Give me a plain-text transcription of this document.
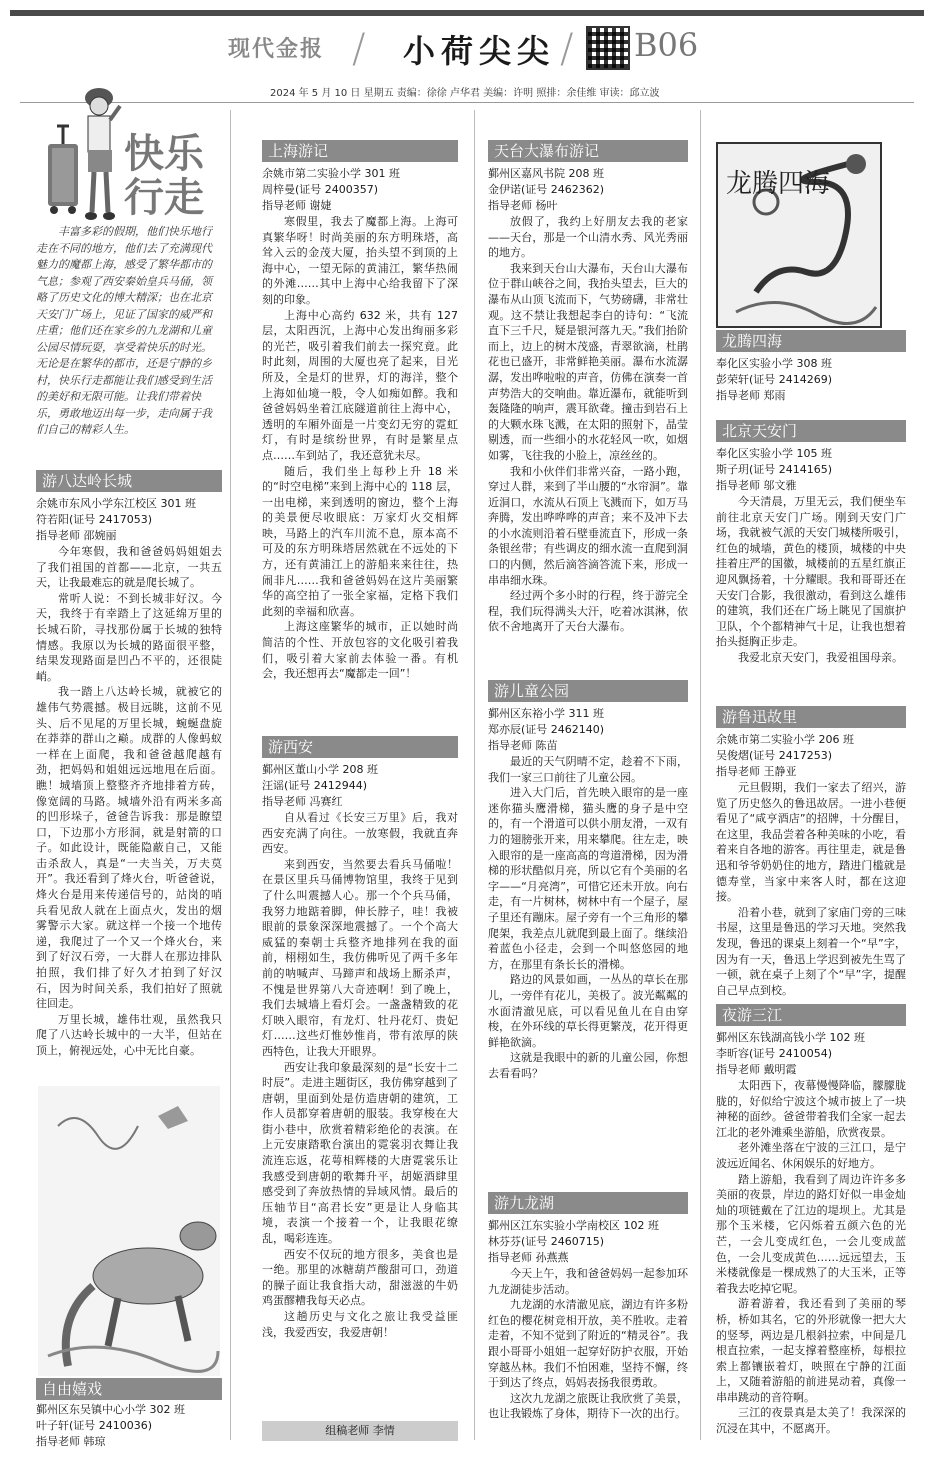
现代金报 / 小荷尖尖 / B06
2024 年 5 月 10 日 星期五 责编：徐徐 卢华君 美编：许明 照排：余佳维 审读：邱立波
快乐行走
丰富多彩的假期，他们快乐地行走在不同的地方，他们去了充满现代魅力的魔都上海，感受了繁华都市的气息；参观了西安秦始皇兵马俑，领略了历史文化的博大精深；也在北京天安门广场上，见证了国家的威严和庄重；他们还在家乡的九龙湖和儿童公园尽情玩耍，享受着快乐的时光。无论是在繁华的都市，还是宁静的乡村，快乐行走都能让我们感受到生活的美好和无限可能。让我们带着快乐，勇敢地迈出每一步，走向属于我们自己的精彩人生。
游八达岭长城
余姚市东风小学东江校区 301 班
符若阳(证号 2417053)
指导老师 邵婉丽

今年寒假，我和爸爸妈妈姐姐去了我们祖国的首都——北京，一共五天，让我最难忘的就是爬长城了。

常听人说：不到长城非好汉。今天，我终于有幸踏上了这延绵万里的长城石阶，寻找那份属于长城的独特情感。我原以为长城的路面很平整，结果发现路面是凹凸不平的，还很陡峭。

我一踏上八达岭长城，就被它的雄伟气势震撼。极目远眺，这前不见头、后不见尾的万里长城，蜿蜒盘旋在莽莽的群山之巅。成群的人像蚂蚁一样在上面爬，我和爸爸越爬越有劲，把妈妈和姐姐远远地甩在后面。瞧！城墙顶上整整齐齐地排着方砖，像宽阔的马路。城墙外沿有两米多高的凹形垛子，爸爸告诉我：那是瞭望口，下边那小方形洞，就是射箭的口子。如此设计，既能隐蔽自己，又能击杀敌人，真是“一夫当关，万夫莫开”。我还看到了烽火台，听爸爸说，烽火台是用来传递信号的，站岗的哨兵看见敌人就在上面点火，发出的烟雾警示大家。就这样一个接一个地传递，我爬过了一个又一个烽火台，来到了好汉石旁，一大群人在那边排队拍照，我们排了好久才拍到了好汉石，因为时间关系，我们拍好了照就往回走。

万里长城，雄伟壮观，虽然我只爬了八达岭长城中的一大半，但站在顶上，俯视远处，心中无比自豪。

自由嬉戏
鄞州区东吴镇中心小学 302 班
叶子轩(证号 2410036)
指导老师 韩琼
上海游记
余姚市第二实验小学 301 班
周梓曼(证号 2400357)
指导老师 谢婕

寒假里，我去了魔都上海。上海可真繁华呀！时尚美丽的东方明珠塔，高耸入云的金茂大厦，抬头望不到顶的上海中心，一望无际的黄浦江，繁华热闹的外滩……其中上海中心给我留下了深刻的印象。

上海中心高约 632 米，共有 127 层，太阳西沉，上海中心发出绚丽多彩的光芒，吸引着我们前去一探究竟。此时此刻，周围的大厦也亮了起来，目光所及，全是灯的世界，灯的海洋，整个上海如仙境一般，令人如痴如醉。我和爸爸妈妈坐着江底隧道前往上海中心，透明的车厢外面是一片变幻无穷的霓虹灯，有时是缤纷世界，有时是繁星点点……车到站了，我还意犹未尽。

随后，我们坐上每秒上升 18 米的“时空电梯”来到上海中心的 118 层，一出电梯，来到透明的窗边，整个上海的美景便尽收眼底：万家灯火交相辉映，马路上的汽车川流不息，原本高不可及的东方明珠塔居然就在不远处的下方，还有黄浦江上的游船来来往往，热闹非凡……我和爸爸妈妈在这片美丽繁华的高空拍了一张全家福，定格下我们此刻的幸福和欣喜。

上海这座繁华的城市，正以她时尚简洁的个性、开放包容的文化吸引着我们，吸引着大家前去体验一番。有机会，我还想再去“魔都走一回”！

游西安
鄞州区董山小学 208 班
汪谣(证号 2412944)
指导老师 冯赛红

自从看过《长安三万里》后，我对西安充满了向往。一放寒假，我就直奔西安。

来到西安，当然要去看兵马俑啦！在景区里兵马俑博物馆里，我终于见到了什么叫震撼人心。那一个个兵马俑，我努力地踮着脚，伸长脖子，哇！我被眼前的景象深深地震撼了。一个个高大威猛的秦朝士兵整齐地排列在我的面前，栩栩如生，我仿佛听见了两千多年前的呐喊声、马蹄声和战场上厮杀声，不愧是世界第八大奇迹啊！到了晚上，我们去城墙上看灯会。一盏盏精致的花灯映入眼帘，有龙灯、牡丹花灯、贵妃灯……这些灯惟妙惟肖，带有浓厚的陕西特色，让我大开眼界。

西安让我印象最深刻的是“长安十二时辰”。走进主题街区，我仿佛穿越到了唐朝，里面到处是仿造唐朝的建筑，工作人员都穿着唐朝的服装。我穿梭在大街小巷中，欣赏着精彩绝伦的表演。在上元安康踏歌台演出的霓裳羽衣舞让我流连忘返，花萼相辉楼的大唐霓裳乐让我感受到唐朝的歌舞升平，胡姬酒肆里感受到了奔放热情的异域风情。最后的压轴节目“高君长安”更是让人身临其境，表演一个接着一个，让我眼花缭乱，喝彩连连。

西安不仅玩的地方很多，美食也是一绝。那里的冰糖葫芦酸甜可口，劲道的臊子面让我食指大动，甜滋滋的牛奶鸡蛋醪糟我每天必点。

这趟历史与文化之旅让我受益匪浅，我爱西安，我爱唐朝！

组稿老师 李情
天台大瀑布游记
鄞州区嘉风书院 208 班
金伊诺(证号 2462362)
指导老师 杨叶

放假了，我约上好朋友去我的老家——天台，那是一个山清水秀、风光秀丽的地方。

我来到天台山大瀑布，天台山大瀑布位于群山峡谷之间，我抬头望去，巨大的瀑布从山顶飞流而下，气势磅礴，非常壮观。这不禁让我想起李白的诗句：“飞流直下三千尺，疑是银河落九天。”我们抬阶而上，边上的树木茂盛，青翠欲滴，杜鹃花也已盛开，非常鲜艳美丽。瀑布水流潺潺，发出哗啦啦的声音，仿佛在演奏一首声势浩大的交响曲。靠近瀑布，就能听到轰隆隆的响声，震耳欲聋。撞击到岩石上的大颗水珠飞溅，在太阳的照射下，晶莹剔透，而一些细小的水花轻风一吹，如烟如雾，飞往我的小脸上，凉丝丝的。

我和小伙伴们非常兴奋，一路小跑，穿过人群，来到了半山腰的“水帘洞”。靠近洞口，水流从石顶上飞溅而下，如万马奔腾，发出哗哗哗的声音；来不及冲下去的小水流则沿着石壁垂流直下，形成一条条银丝带；有些调皮的细水流一直爬到洞口的内侧，然后滴答滴答流下来，形成一串串细水珠。

经过两个多小时的行程，终于游完全程，我们玩得满头大汗，吃着冰淇淋，依依不舍地离开了天台大瀑布。

游儿童公园
鄞州区东裕小学 311 班
郑亦辰(证号 2462140)
指导老师 陈苗

最近的天气阴晴不定，趁着不下雨，我们一家三口前往了儿童公园。

进入大门后，首先映入眼帘的是一座迷你猫头鹰滑梯，猫头鹰的身子是中空的，有一个滑道可以供小朋友滑，一双有力的翅膀张开来，用来攀爬。往左走，映入眼帘的是一座高高的弯道滑梯，因为滑梯的形状酷似月亮，所以它有个美丽的名字——“月亮湾”，可惜它还未开放。向右走，有一片树林，树林中有一个屋子，屋子里还有蹦床。屋子旁有一个三角形的攀爬架，我差点儿就爬到最上面了。继续沿着蓝色小径走，会到一个叫悠悠园的地方，在那里有条长长的滑梯。

路边的风景如画，一丛丛的草长在那儿，一旁伴有花儿，美极了。波光粼粼的水面清澈见底，可以看见鱼儿在自由穿梭，在外环线的草长得更繁茂，花开得更鲜艳欲滴。

这就是我眼中的新的儿童公园，你想去看看吗？

游九龙湖
鄞州区江东实验小学南校区 102 班
林芬芬(证号 2460715)
指导老师 孙燕燕

今天上午，我和爸爸妈妈一起参加环九龙湖徒步活动。

九龙湖的水清澈见底，湖边有许多粉红色的樱花树竞相开放，美不胜收。走着走着，不知不觉到了附近的“精灵谷”。我跟小哥哥小姐姐一起穿好防护衣服，开始穿越丛林。我们不怕困难，坚持不懈，终于到达了终点，妈妈表扬我很勇敢。

这次九龙湖之旅既让我欣赏了美景，也让我锻炼了身体，期待下一次的出行。

龙腾四海
龙腾四海
奉化区实验小学 308 班
彭荣轩(证号 2414269)
指导老师 郑雨
北京天安门
奉化区实验小学 105 班
斯子玥(证号 2414165)
指导老师 邬文雅

今天清晨，万里无云，我们便坐车前往北京天安门广场。刚到天安门广场，我就被气派的天安门城楼所吸引，红色的城墙，黄色的楼顶，城楼的中央挂着庄严的国徽，城楼前的五星红旗正迎风飘扬着，十分耀眼。我和哥哥还在天安门合影，我很激动，看到这么雄伟的建筑，我们还在广场上眺见了国旗护卫队，个个都精神气十足，让我也想着抬头挺胸正步走。

我爱北京天安门，我爱祖国母亲。

游鲁迅故里
余姚市第二实验小学 206 班
吴俊熠(证号 2417253)
指导老师 王静亚

元旦假期，我们一家去了绍兴，游览了历史悠久的鲁迅故居。一进小巷便看见了“咸亨酒店”的招牌，十分醒目，在这里，我品尝着各种美味的小吃，看着来自各地的游客。再往里走，就是鲁迅和爷爷奶奶住的地方，踏进门槛就是德寿堂，当家中来客人时，都在这迎接。

沿着小巷，就到了家庙门旁的三味书屋，这里是鲁迅的学习天地。突然我发现，鲁迅的课桌上刻着一个“早”字，因为有一天，鲁迅上学迟到被先生骂了一顿，就在桌子上刻了个“早”字，提醒自己早点到校。

夜游三江
鄞州区东钱湖高钱小学 102 班
李昕容(证号 2410054)
指导老师 戴明霞

太阳西下，夜幕慢慢降临，朦朦胧胧的，好似给宁波这个城市披上了一块神秘的面纱。爸爸带着我们全家一起去江北的老外滩乘坐游船，欣赏夜景。

老外滩坐落在宁波的三江口，是宁波远近闻名、休闲娱乐的好地方。

踏上游船，我看到了周边许许多多美丽的夜景，岸边的路灯好似一串金灿灿的项链戴在了江边的堤坝上。尤其是那个玉米楼，它闪烁着五颜六色的光芒，一会儿变成红色，一会儿变成蓝色，一会儿变成黄色……远远望去，玉米楼就像是一棵成熟了的大玉米，正等着我去吃掉它呢。

游着游着，我还看到了美丽的琴桥，桥如其名，它的外形就像一把大大的竖琴，两边是几根斜拉索，中间是几根直拉索，一起支撑着整座桥，每根拉索上都镶嵌着灯，映照在宁静的江面上，又随着游船的前进晃动着，真像一串串跳动的音符啊。

三江的夜景真是太美了！我深深的沉浸在其中，不愿离开。
